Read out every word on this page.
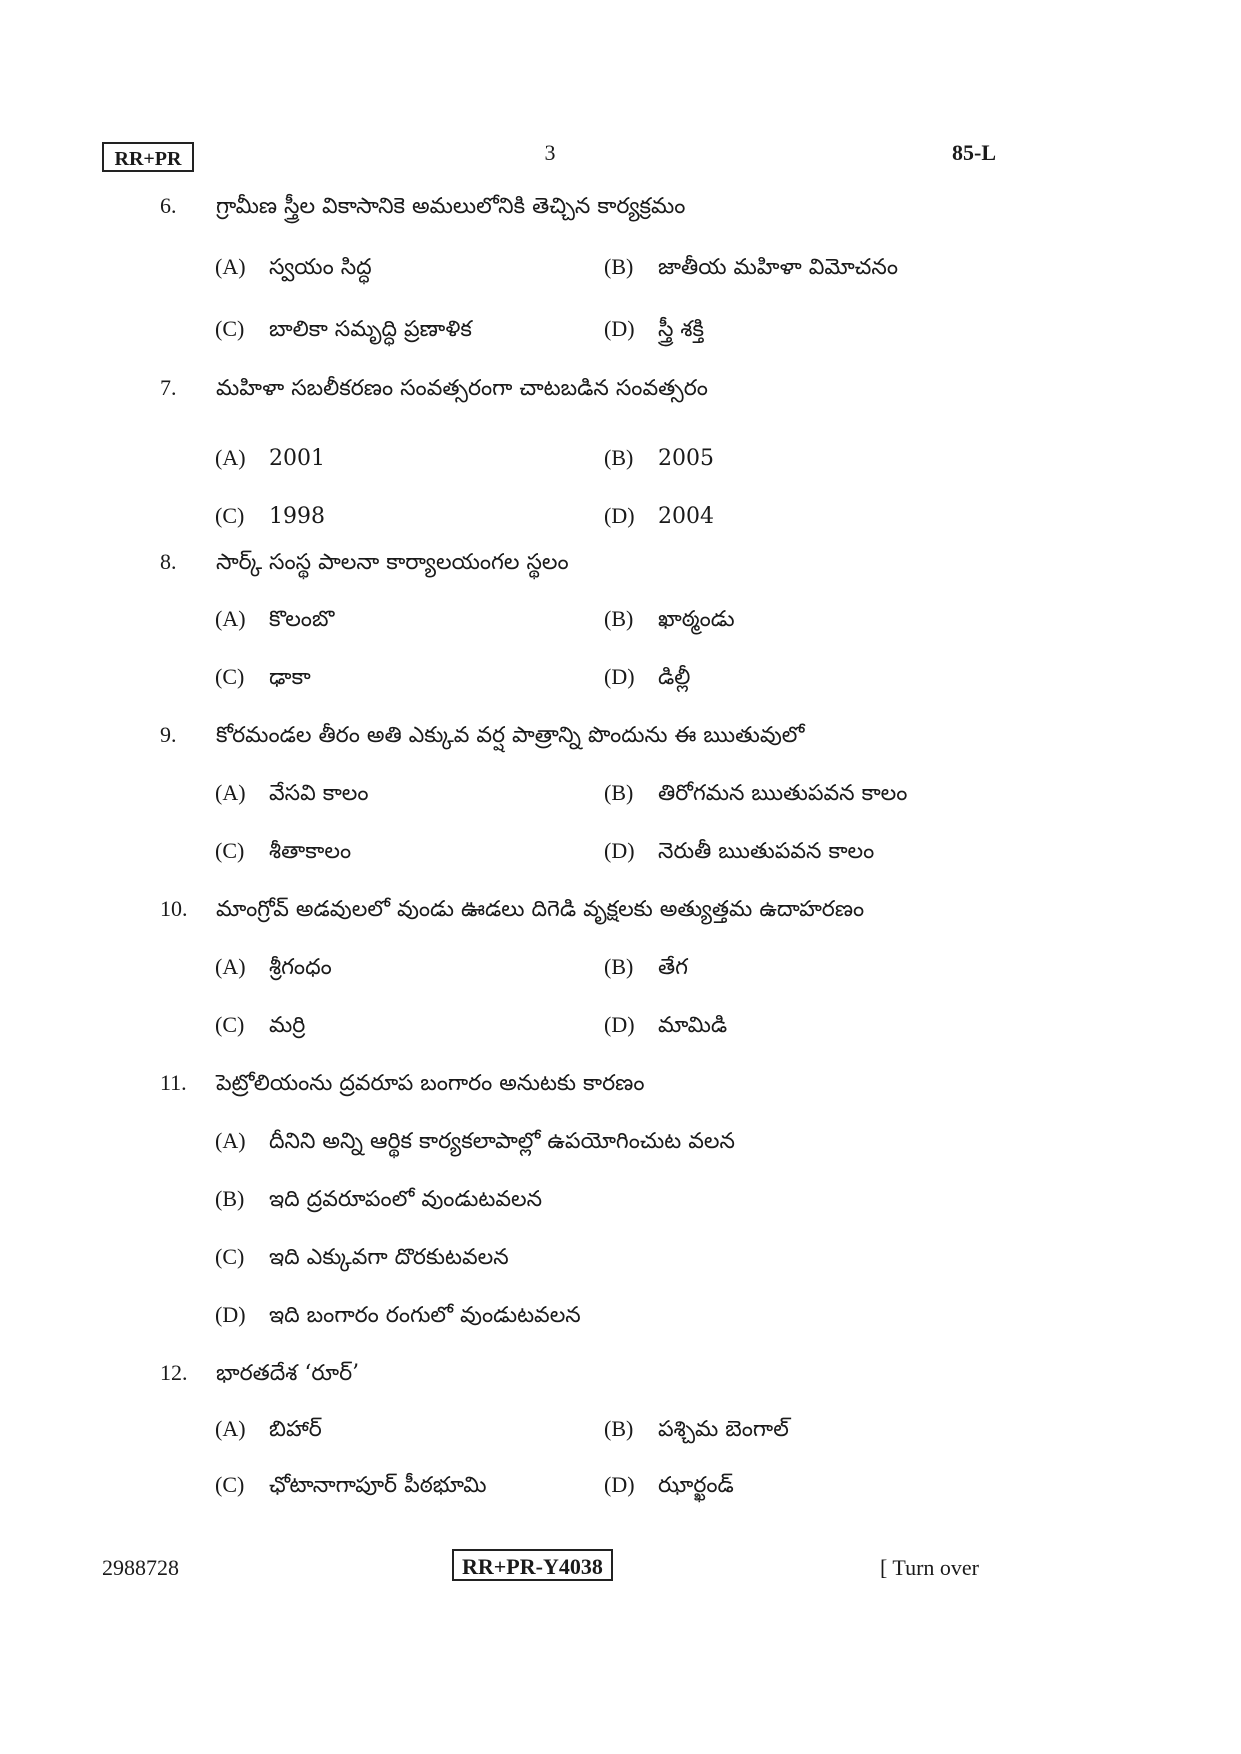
RR+PR	3	85-L
6. గ్రామీణ స్త్రీల వికాసానికె అమలులోనికి తెచ్చిన కార్యక్రమం
(A) స్వయం సిద్ధ	(B) జాతీయ మహిళా విమోచనం
(C) బాలికా సమృద్ధి ప్రణాళిక	(D) స్త్రీ శక్తి
7. మహిళా సబలీకరణం సంవత్సరంగా చాటబడిన సంవత్సరం
(A) 2001	(B) 2005
(C) 1998	(D) 2004
8. సార్క్ సంస్థ పాలనా కార్యాలయంగల స్థలం
(A) కొలంబొ	(B) ఖాఠ్మండు
(C) ఢాకా	(D) డిల్లీ
9. కోరమండల తీరం అతి ఎక్కువ వర్ష పాత్రాన్ని పొందును ఈ ఋతువులో
(A) వేసవి కాలం	(B) తిరోగమన ఋతుపవన కాలం
(C) శీతాకాలం	(D) నెరుతీ ఋతుపవన కాలం
10. మాంగ్రోవ్ అడవులలో వుండు ఊడలు దిగెడి వృక్షలకు అత్యుత్తమ ఉదాహరణం
(A) శ్రీగంధం	(B) తేగ
(C) మర్రి	(D) మామిడి
11. పెట్రోలియంను ద్రవరూప బంగారం అనుటకు కారణం
(A) దీనిని అన్ని ఆర్థిక కార్యకలాపాల్లో ఉపయోగించుట వలన
(B) ఇది ద్రవరూపంలో వుండుటవలన
(C) ఇది ఎక్కువగా దొరకుటవలన
(D) ఇది బంగారం రంగులో వుండుటవలన
12. భారతదేశ ‘రూర్’
(A) బిహార్	(B) పశ్చిమ బెంగాల్
(C) ఛోటానాగాపూర్ పీఠభూమి	(D) ఝార్ఖండ్
2988728	RR+PR-Y4038	[ Turn over
